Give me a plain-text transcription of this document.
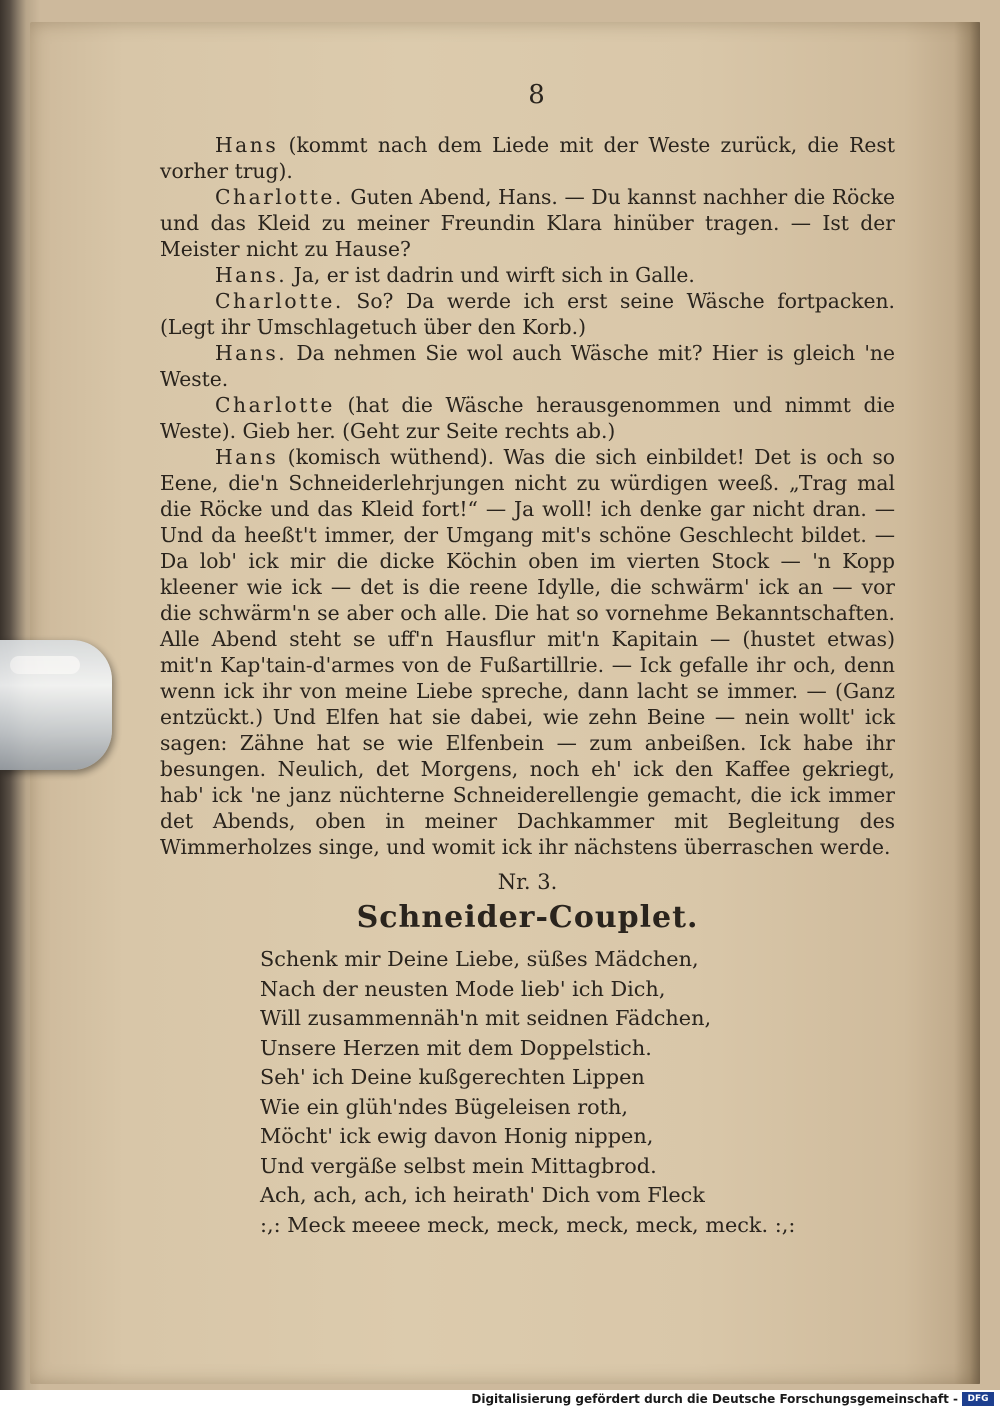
8

Hans (kommt nach dem Liede mit der Weste zurück, die Rest vorher trug).

Charlotte. Guten Abend, Hans. — Du kannst nachher die Röcke und das Kleid zu meiner Freundin Klara hinüber tragen. — Ist der Meister nicht zu Hause?

Hans. Ja, er ist dadrin und wirft sich in Galle.

Charlotte. So? Da werde ich erst seine Wäsche fortpacken. (Legt ihr Umschlagetuch über den Korb.)

Hans. Da nehmen Sie wol auch Wäsche mit? Hier is gleich 'ne Weste.

Charlotte (hat die Wäsche herausgenommen und nimmt die Weste). Gieb her. (Geht zur Seite rechts ab.)

Hans (komisch wüthend). Was die sich einbildet! Det is och so Eene, die'n Schneiderlehrjungen nicht zu würdigen weeß. „Trag mal die Röcke und das Kleid fort!“ — Ja woll! ich denke gar nicht dran. — Und da heeßt't immer, der Umgang mit's schöne Geschlecht bildet. — Da lob' ick mir die dicke Köchin oben im vierten Stock — 'n Kopp kleener wie ick — det is die reene Idylle, die schwärm' ick an — vor die schwärm'n se aber och alle. Die hat so vornehme Bekanntschaften. Alle Abend steht se uff'n Hausflur mit'n Kapitain — (hustet etwas) mit'n Kap'tain-d'armes von de Fußartillrie. — Ick gefalle ihr och, denn wenn ick ihr von meine Liebe spreche, dann lacht se immer. — (Ganz entzückt.) Und Elfen hat sie dabei, wie zehn Beine — nein wollt' ick sagen: Zähne hat se wie Elfenbein — zum anbeißen. Ick habe ihr besungen. Neulich, det Morgens, noch eh' ick den Kaffee gekriegt, hab' ick 'ne janz nüchterne Schneiderellengie gemacht, die ick immer det Abends, oben in meiner Dachkammer mit Begleitung des Wimmerholzes singe, und womit ick ihr nächstens überraschen werde.

Nr. 3.
Schneider-Couplet.
Schenk mir Deine Liebe, süßes Mädchen,
Nach der neusten Mode lieb' ich Dich,
Will zusammennäh'n mit seidnen Fädchen,
Unsere Herzen mit dem Doppelstich.
Seh' ich Deine kußgerechten Lippen
Wie ein glüh'ndes Bügeleisen roth,
Möcht' ick ewig davon Honig nippen,
Und vergäße selbst mein Mittagbrod.
Ach, ach, ach, ich heirath' Dich vom Fleck
:,: Meck meeee meck, meck, meck, meck, meck. :,:
Digitalisierung gefördert durch die Deutsche Forschungsgemeinschaft -	DFG
